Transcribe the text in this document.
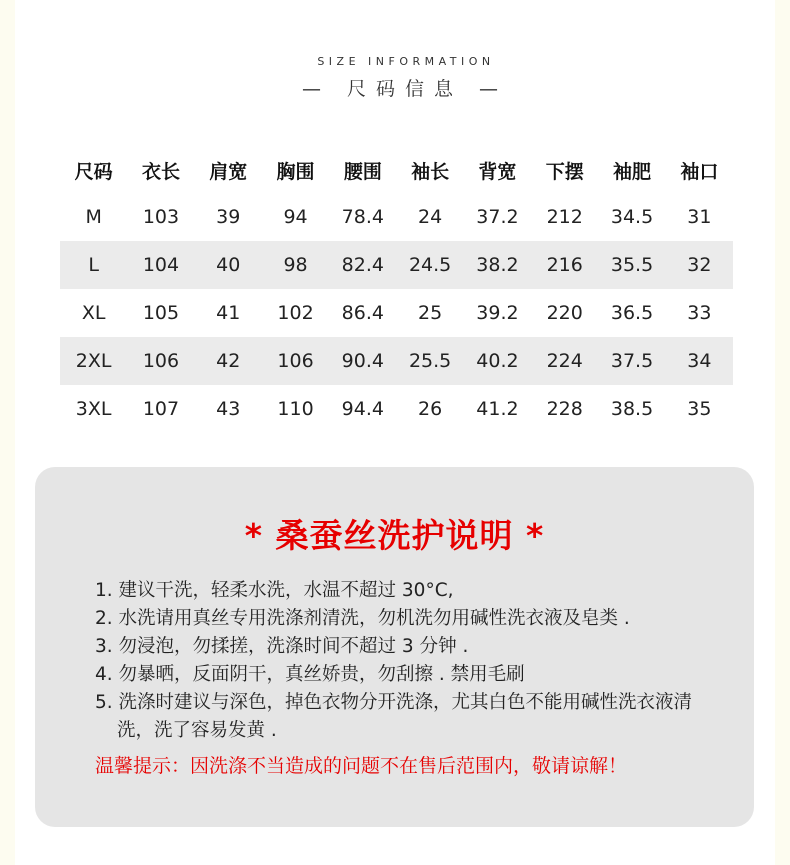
SIZE INFORMATION
— 尺码信息 —
尺码	衣长	肩宽	胸围	腰围	袖长	背宽	下摆	袖肥	袖口
M	103	39	94	78.4	24	37.2	212	34.5	31
L	104	40	98	82.4	24.5	38.2	216	35.5	32
XL	105	41	102	86.4	25	39.2	220	36.5	33
2XL	106	42	106	90.4	25.5	40.2	224	37.5	34
3XL	107	43	110	94.4	26	41.2	228	38.5	35
* 桑蚕丝洗护说明 *
1. 建议干洗，轻柔水洗，水温不超过 30°C,
2. 水洗请用真丝专用洗涤剂清洗，勿机洗勿用碱性洗衣液及皂类 .
3. 勿浸泡，勿揉搓，洗涤时间不超过 3 分钟 .
4. 勿暴晒，反面阴干，真丝娇贵，勿刮擦 . 禁用毛刷
5. 洗涤时建议与深色，掉色衣物分开洗涤，尤其白色不能用碱性洗衣液清洗，洗了容易发黄 .
温馨提示：因洗涤不当造成的问题不在售后范围内，敬请谅解！
